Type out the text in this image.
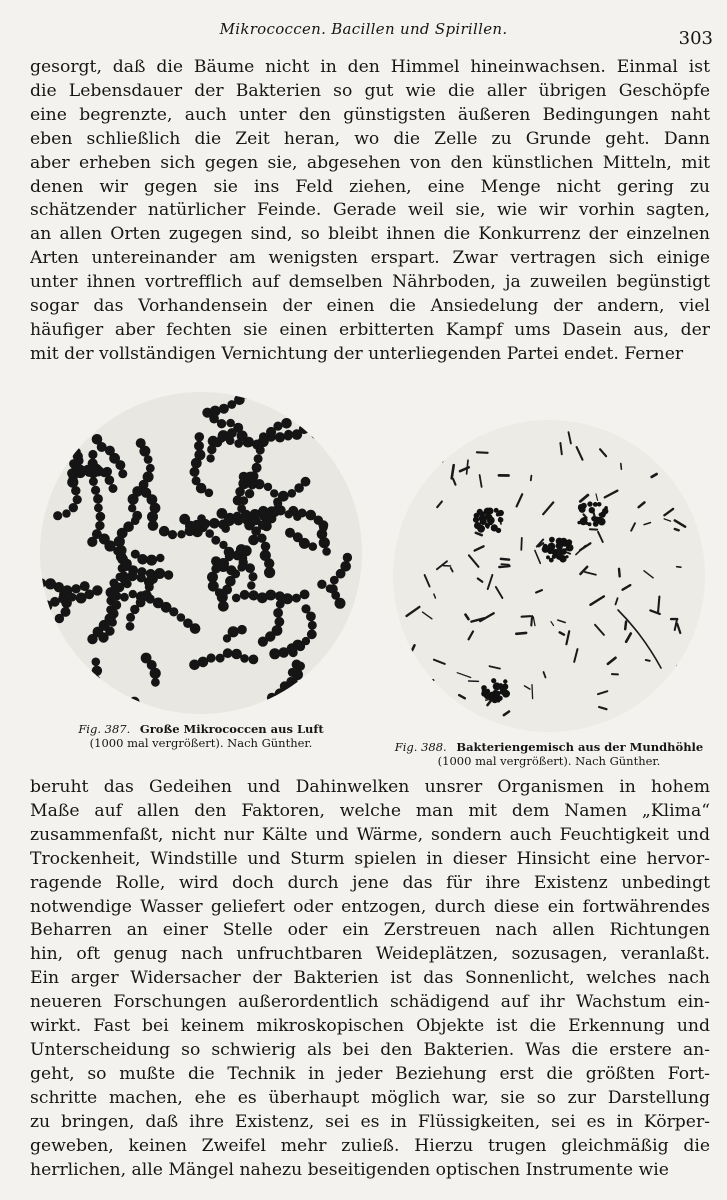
Mikrococcen. Bacillen und Spirillen.	303
gesorgt, daß die Bäume nicht in den Himmel hineinwachsen. Einmal ist
die Lebensdauer der Bakterien so gut wie die aller übrigen Geschöpfe
eine begrenzte, auch unter den günstigsten äußeren Bedingungen naht
eben schließlich die Zeit heran, wo die Zelle zu Grunde geht. Dann
aber erheben sich gegen sie, abgesehen von den künstlichen Mitteln, mit
denen wir gegen sie ins Feld ziehen, eine Menge nicht gering zu
schätzender natürlicher Feinde. Gerade weil sie, wie wir vorhin sagten,
an allen Orten zugegen sind, so bleibt ihnen die Konkurrenz der einzelnen
Arten untereinander am wenigsten erspart. Zwar vertragen sich einige
unter ihnen vortrefflich auf demselben Nährboden, ja zuweilen begünstigt
sogar das Vorhandensein der einen die Ansiedelung der andern, viel
häufiger aber fechten sie einen erbitterten Kampf ums Dasein aus, der
mit der vollständigen Vernichtung der unterliegenden Partei endet. Ferner
Fig. 387. Große Mikrococcen aus Luft
(1000 mal vergrößert). Nach Günther.	Fig. 388. Bakteriengemisch aus der Mundhöhle
(1000 mal vergrößert). Nach Günther.
beruht das Gedeihen und Dahinwelken unsrer Organismen in hohem
Maße auf allen den Faktoren, welche man mit dem Namen „Klima“
zusammenfaßt, nicht nur Kälte und Wärme, sondern auch Feuchtigkeit und
Trockenheit, Windstille und Sturm spielen in dieser Hinsicht eine hervor-
ragende Rolle, wird doch durch jene das für ihre Existenz unbedingt
notwendige Wasser geliefert oder entzogen, durch diese ein fortwährendes
Beharren an einer Stelle oder ein Zerstreuen nach allen Richtungen
hin, oft genug nach unfruchtbaren Weideplätzen, sozusagen, veranlaßt.
Ein arger Widersacher der Bakterien ist das Sonnenlicht, welches nach
neueren Forschungen außerordentlich schädigend auf ihr Wachstum ein-
wirkt. Fast bei keinem mikroskopischen Objekte ist die Erkennung und
Unterscheidung so schwierig als bei den Bakterien. Was die erstere an-
geht, so mußte die Technik in jeder Beziehung erst die größten Fort-
schritte machen, ehe es überhaupt möglich war, sie so zur Darstellung
zu bringen, daß ihre Existenz, sei es in Flüssigkeiten, sei es in Körper-
geweben, keinen Zweifel mehr zuließ. Hierzu trugen gleichmäßig die
herrlichen, alle Mängel nahezu beseitigenden optischen Instrumente wie
